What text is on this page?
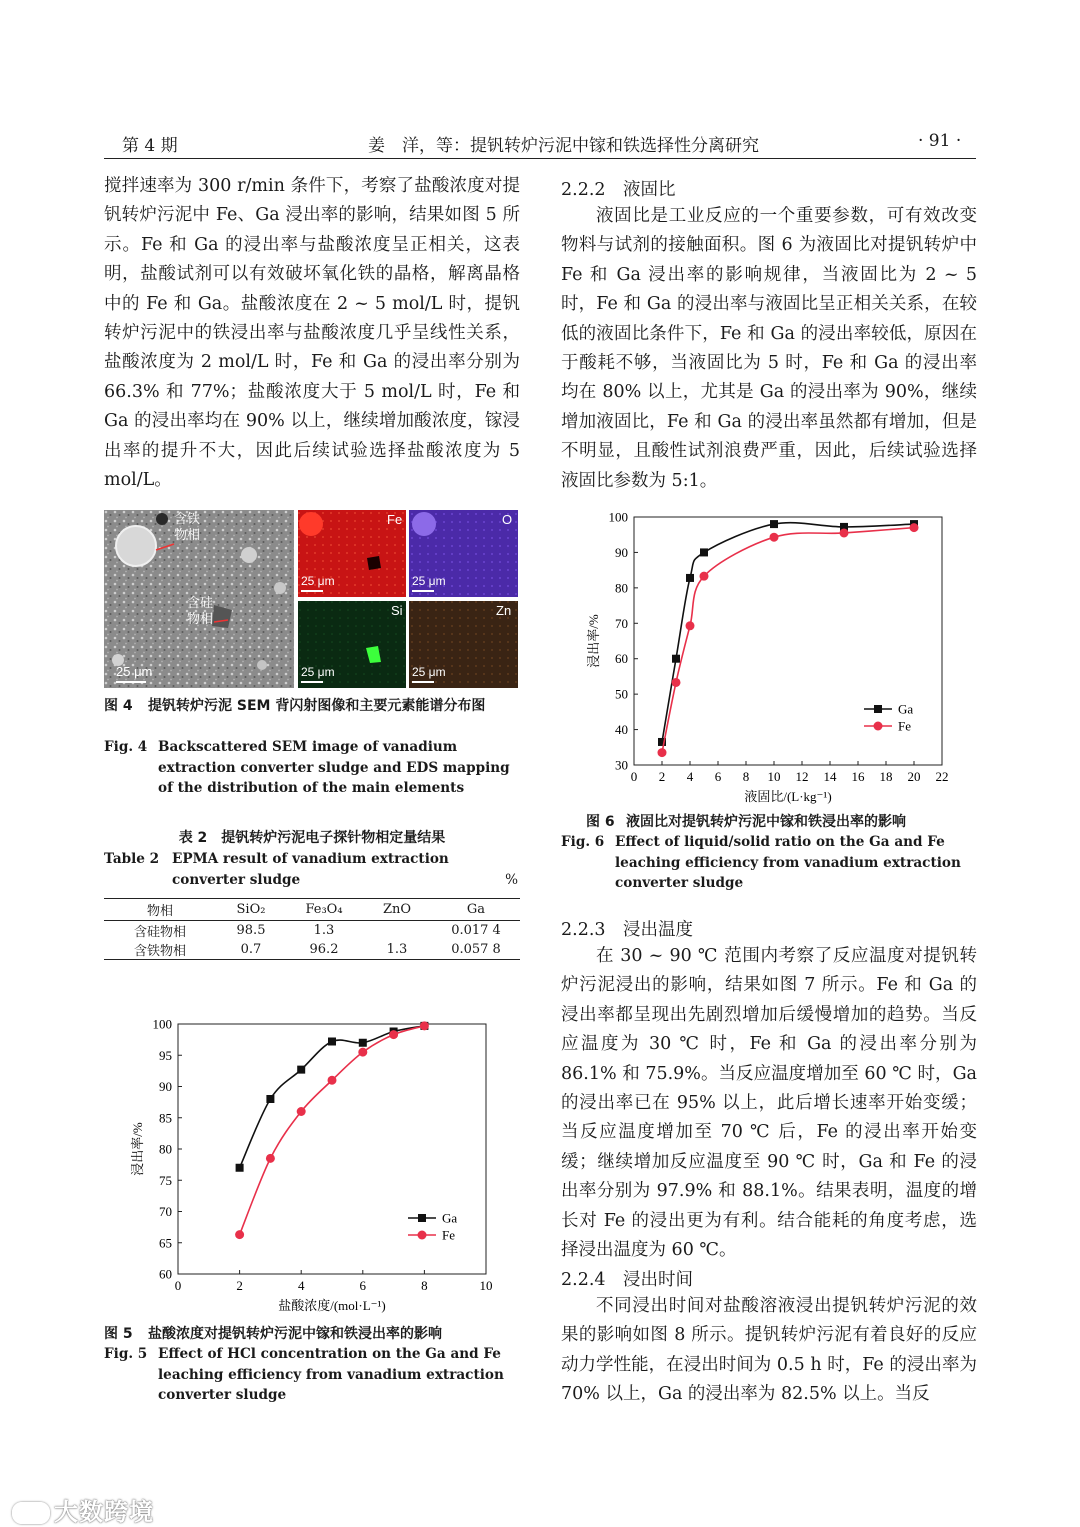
第 4 期	姜　洋，等：提钒转炉污泥中镓和铁选择性分离研究	· 91 ·

搅拌速率为 300 r/min 条件下，考察了盐酸浓度对提钒转炉污泥中 Fe、Ga 浸出率的影响，结果如图 5 所示。Fe 和 Ga 的浸出率与盐酸浓度呈正相关，这表明，盐酸试剂可以有效破坏氧化铁的晶格，解离晶格中的 Fe 和 Ga。盐酸浓度在 2 ~ 5 mol/L 时，提钒转炉污泥中的铁浸出率与盐酸浓度几乎呈线性关系，盐酸浓度为 2 mol/L 时，Fe 和 Ga 的浸出率分别为 66.3% 和 77%；盐酸浓度大于 5 mol/L 时，Fe 和 Ga 的浸出率均在 90% 以上，继续增加酸浓度，镓浸出率的提升不大，因此后续试验选择盐酸浓度为 5 mol/L。

含铁物相
含硅物相
25 μm
Fe	O
Si	Zn
25 μm	25 μm
25 μm	25 μm
图 4 提钒转炉污泥 SEM 背闪射图像和主要元素能谱分布图
Fig. 4 Backscattered SEM image of vanadium extraction converter sludge and EDS mapping of the distribution of the main elements
表 2　提钒转炉污泥电子探针物相定量结果
Table 2 EPMA result of vanadium extraction converter sludge	%
物相	SiO₂	Fe₃O₄	ZnO	Ga
含硅物相	98.5	1.3		0.017 4
含铁物相	0.7	96.2	1.3	0.057 8
0	2	4	6	8	10
60
65
70
75
80
85
90
95
100
盐酸浓度/(mol·L⁻¹)
浸出率/%
Ga
Fe
图 5 盐酸浓度对提钒转炉污泥中镓和铁浸出率的影响
Fig. 5 Effect of HCl concentration on the Ga and Fe leaching efficiency from vanadium extraction converter sludge
2.2.2　液固比

液固比是工业反应的一个重要参数，可有效改变物料与试剂的接触面积。图 6 为液固比对提钒转炉中 Fe 和 Ga 浸出率的影响规律，当液固比为 2 ~ 5 时，Fe 和 Ga 的浸出率与液固比呈正相关关系，在较低的液固比条件下，Fe 和 Ga 的浸出率较低，原因在于酸耗不够，当液固比为 5 时，Fe 和 Ga 的浸出率均在 80% 以上，尤其是 Ga 的浸出率为 90%，继续增加液固比，Fe 和 Ga 的浸出率虽然都有增加，但是不明显，且酸性试剂浪费严重，因此，后续试验选择液固比参数为 5:1。

0 2 4 6 8 10 12 14 16 18 20 22
30
40
50
60
70
80
90
100
液固比/(L·kg⁻¹)
浸出率/%
Ga
Fe
图 6 液固比对提钒转炉污泥中镓和铁浸出率的影响
Fig. 6 Effect of liquid/solid ratio on the Ga and Fe leaching efficiency from vanadium extraction converter sludge
2.2.3　浸出温度

在 30 ~ 90 ℃ 范围内考察了反应温度对提钒转炉污泥浸出的影响，结果如图 7 所示。Fe 和 Ga 的浸出率都呈现出先剧烈增加后缓慢增加的趋势。当反应温度为 30 ℃ 时，Fe 和 Ga 的浸出率分别为 86.1% 和 75.9%。当反应温度增加至 60 ℃ 时，Ga 的浸出率已在 95% 以上，此后增长速率开始变缓；当反应温度增加至 70 ℃ 后，Fe 的浸出率开始变缓；继续增加反应温度至 90 ℃ 时，Ga 和 Fe 的浸出率分别为 97.9% 和 88.1%。结果表明，温度的增长对 Fe 的浸出更为有利。结合能耗的角度考虑，选择浸出温度为 60 ℃。

2.2.4　浸出时间

不同浸出时间对盐酸溶液浸出提钒转炉污泥的效果的影响如图 8 所示。提钒转炉污泥有着良好的反应动力学性能，在浸出时间为 0.5 h 时，Fe 的浸出率为 70% 以上，Ga 的浸出率为 82.5% 以上。当反

大数跨境
